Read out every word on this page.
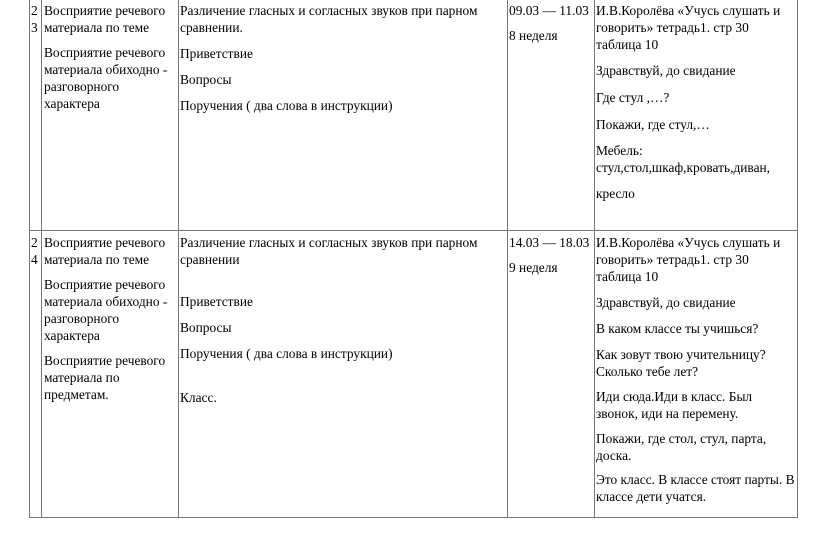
2
3

Восприятие речевого материала по теме

Восприятие речевого материала обиходно - разговорного характера

Различение гласных и согласных звуков при парном сравнении.

Приветствие

Вопросы

Поручения ( два слова в инструкции)

09.03 — 11.03

8 неделя

И.В.Королёва «Учусь слушать и говорить» тетрадь1. стр 30 таблица 10

Здравствуй, до свидание

Где стул ,…?

Покажи, где стул,…

Мебель: стул,стол,шкаф,кровать,диван,

кресло

2
4

Восприятие речевого материала по теме

Восприятие речевого материала обиходно - разговорного характера

Восприятие речевого материала по предметам.

Различение гласных и согласных звуков при парном сравнении

Приветствие

Вопросы

Поручения ( два слова в инструкции)

Класс.

14.03 — 18.03

9 неделя

И.В.Королёва «Учусь слушать и говорить» тетрадь1. стр 30 таблица 10

Здравствуй, до свидание

В каком классе ты учишься?

Как зовут твою учительницу? Сколько тебе лет?

Иди сюда.Иди в класс. Был звонок, иди на перемену.

Покажи, где стол, стул, парта, доска.

Это класс. В классе стоят парты. В классе дети учатся.
